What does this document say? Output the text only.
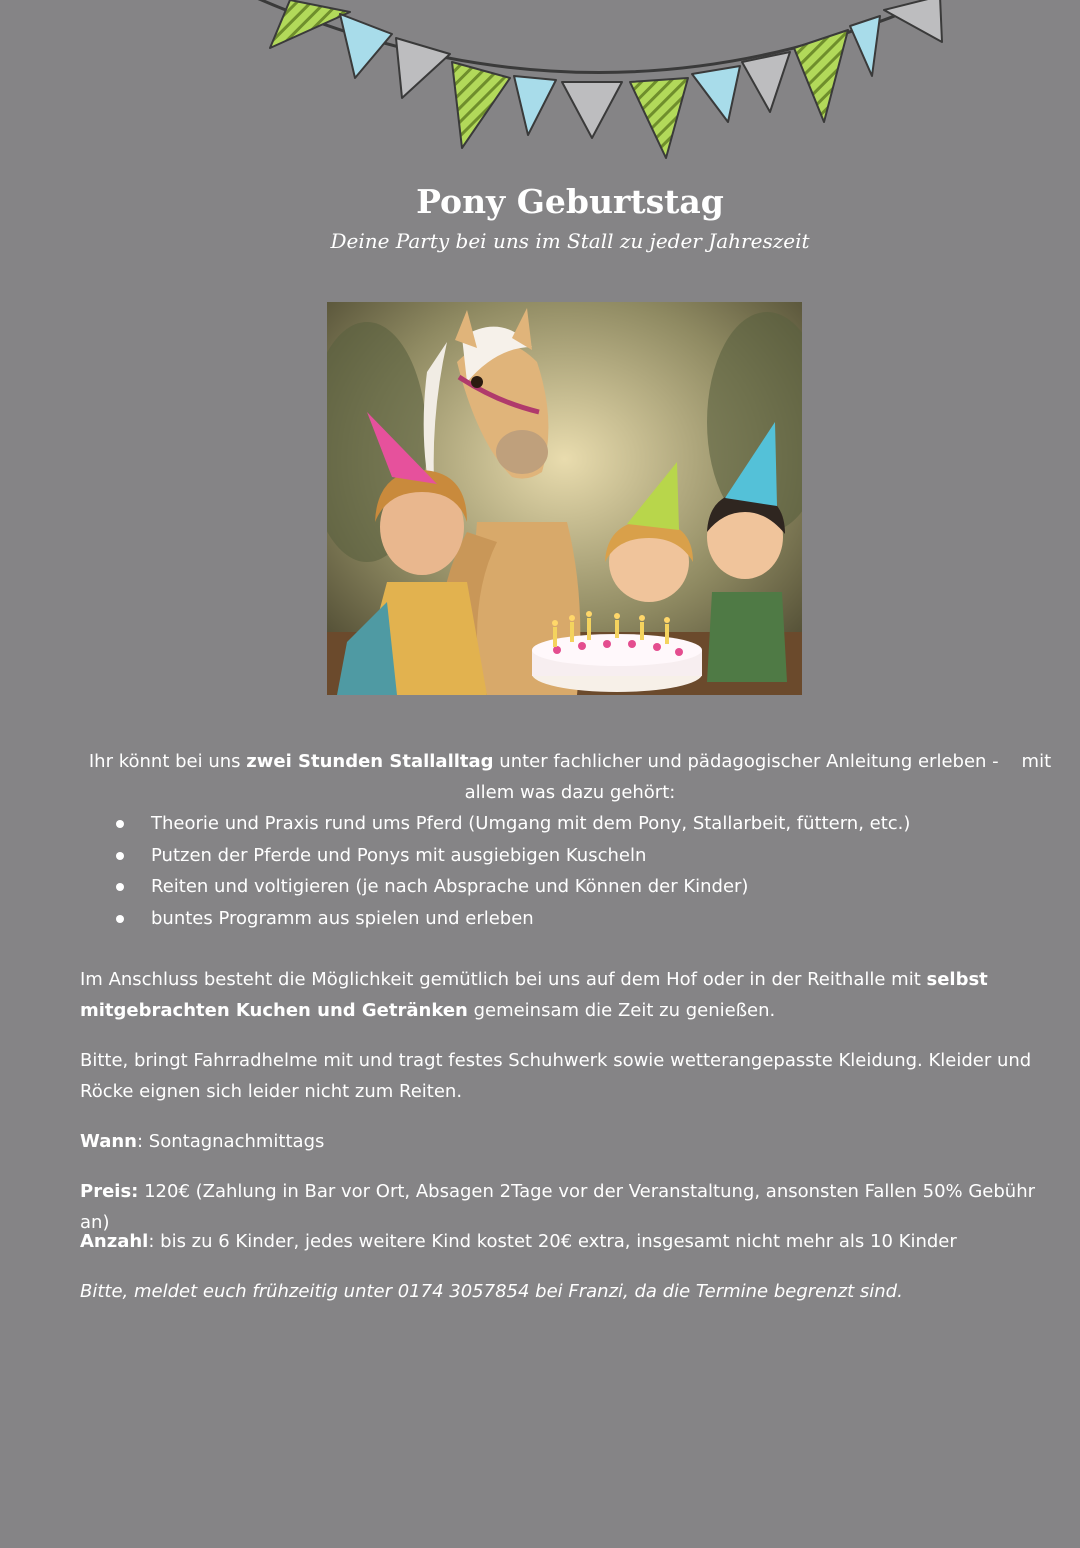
Pony Geburtstag
Deine Party bei uns im Stall zu jeder Jahreszeit
Ihr könnt bei uns zwei Stunden Stallalltag unter fachlicher und pädagogischer Anleitung erleben -    mit allem was dazu gehört:
Theorie und Praxis rund ums Pferd (Umgang mit dem Pony, Stallarbeit, füttern, etc.)
Putzen der Pferde und Ponys mit ausgiebigen Kuscheln
Reiten und voltigieren (je nach Absprache und Können der Kinder)
buntes Programm aus spielen und erleben
Im Anschluss besteht die Möglichkeit gemütlich bei uns auf dem Hof oder in der Reithalle mit selbst mitgebrachten Kuchen und Getränken gemeinsam die Zeit zu genießen.
Bitte, bringt Fahrradhelme mit und tragt festes Schuhwerk sowie wetterangepasste Kleidung. Kleider und Röcke eignen sich leider nicht zum Reiten.
Wann: Sontagnachmittags
Preis: 120€ (Zahlung in Bar vor Ort, Absagen 2Tage vor der Veranstaltung, ansonsten Fallen 50% Gebühr an)
Anzahl: bis zu 6 Kinder, jedes weitere Kind kostet 20€ extra, insgesamt nicht mehr als 10 Kinder
Bitte, meldet euch frühzeitig unter 0174 3057854 bei Franzi, da die Termine begrenzt sind.
